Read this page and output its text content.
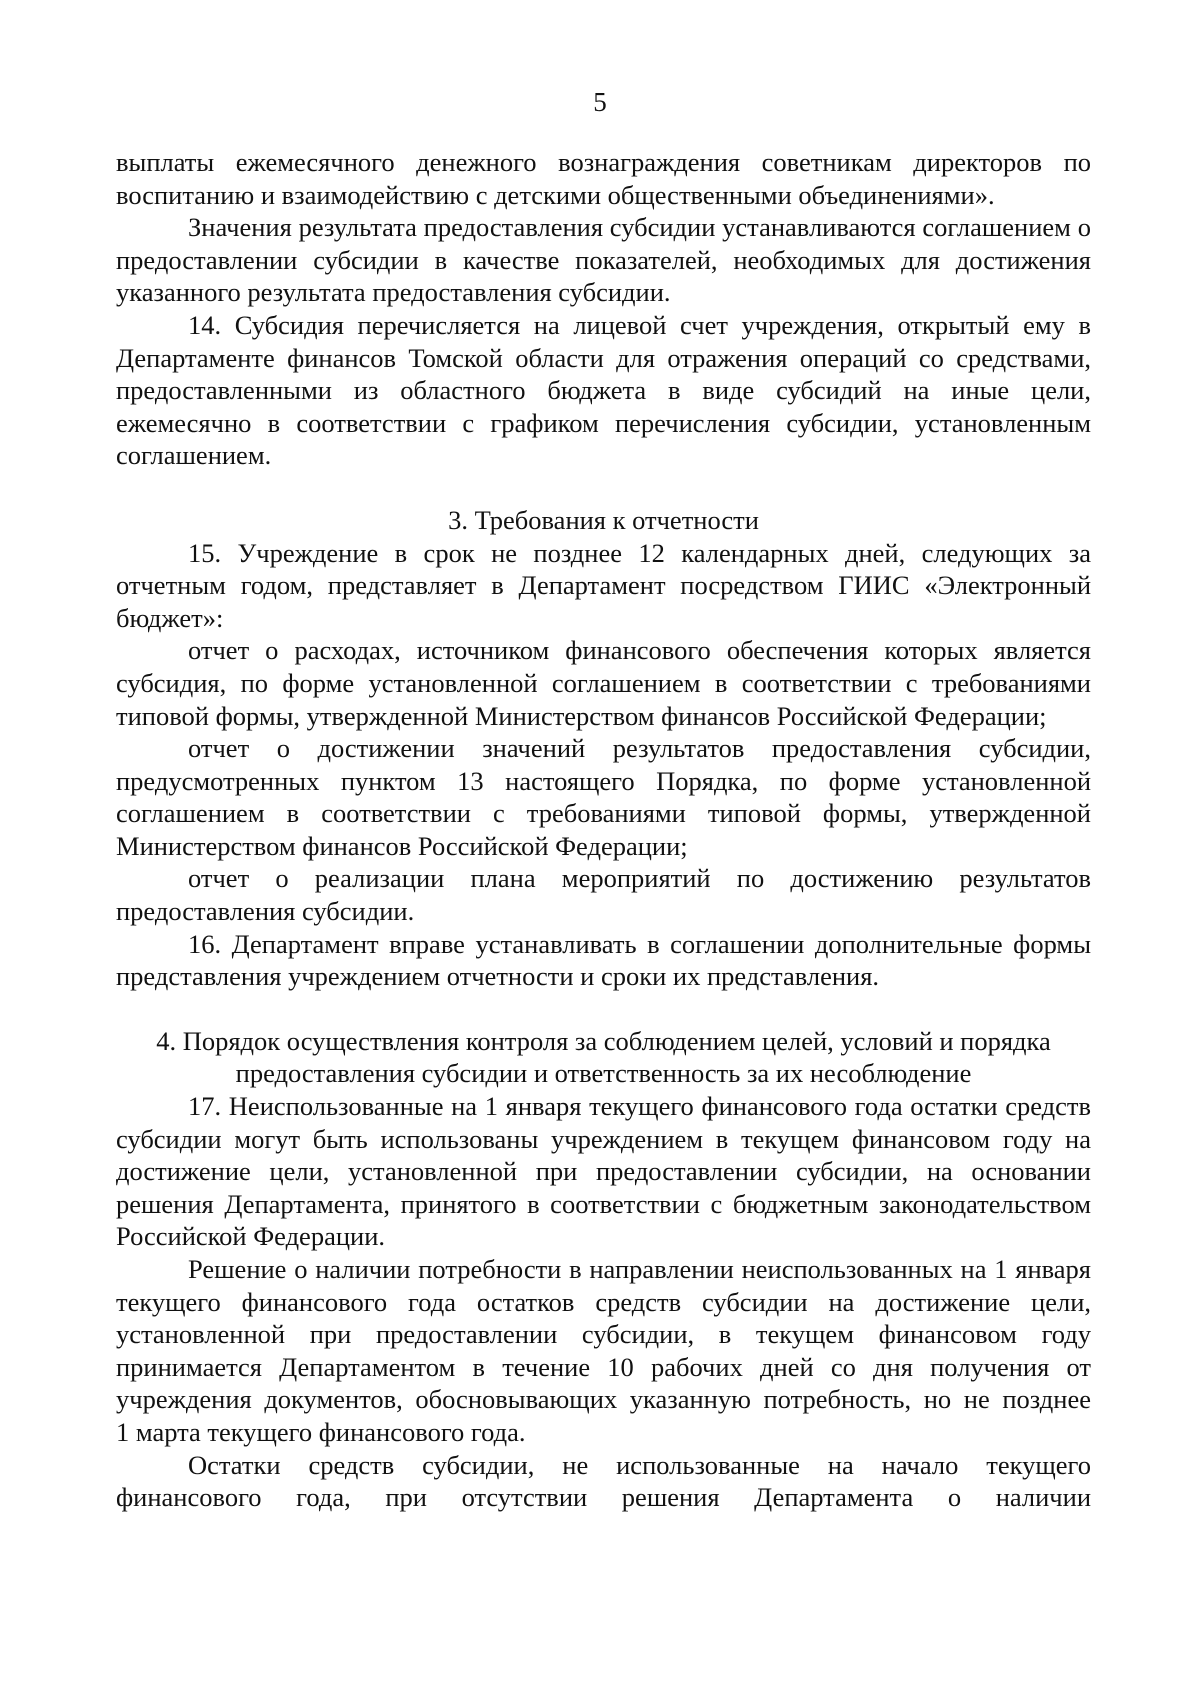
5

выплаты ежемесячного денежного вознаграждения советникам директоров по воспитанию и взаимодействию с детскими общественными объединениями».

Значения результата предоставления субсидии устанавливаются соглашением о предоставлении субсидии в качестве показателей, необходимых для достижения указанного результата предоставления субсидии.

14. Субсидия перечисляется на лицевой счет учреждения, открытый ему в Департаменте финансов Томской области для отражения операций со средствами, предоставленными из областного бюджета в виде субсидий на иные цели, ежемесячно в соответствии с графиком перечисления субсидии, установленным соглашением.

3. Требования к отчетности

15. Учреждение в срок не позднее 12 календарных дней, следующих за отчетным годом, представляет в Департамент посредством ГИИС «Электронный бюджет»:

отчет о расходах, источником финансового обеспечения которых является субсидия, по форме установленной соглашением в соответствии с требованиями типовой формы, утвержденной Министерством финансов Российской Федерации;

отчет о достижении значений результатов предоставления субсидии, предусмотренных пунктом 13 настоящего Порядка, по форме установленной соглашением в соответствии с требованиями типовой формы, утвержденной Министерством финансов Российской Федерации;

отчет о реализации плана мероприятий по достижению результатов предоставления субсидии.

16. Департамент вправе устанавливать в соглашении дополнительные формы представления учреждением отчетности и сроки их представления.

4. Порядок осуществления контроля за соблюдением целей, условий и порядка

предоставления субсидии и ответственность за их несоблюдение

17. Неиспользованные на 1 января текущего финансового года остатки средств субсидии могут быть использованы учреждением в текущем финансовом году на достижение цели, установленной при предоставлении субсидии, на основании решения Департамента, принятого в соответствии с бюджетным законодательством Российской Федерации.

Решение о наличии потребности в направлении неиспользованных на 1 января текущего финансового года остатков средств субсидии на достижение цели, установленной при предоставлении субсидии, в текущем финансовом году принимается Департаментом в течение 10 рабочих дней со дня получения от учреждения документов, обосновывающих указанную потребность, но не позднее     1 марта текущего финансового года.

Остатки средств субсидии, не использованные на начало текущего финансового года, при отсутствии решения Департамента о наличии
